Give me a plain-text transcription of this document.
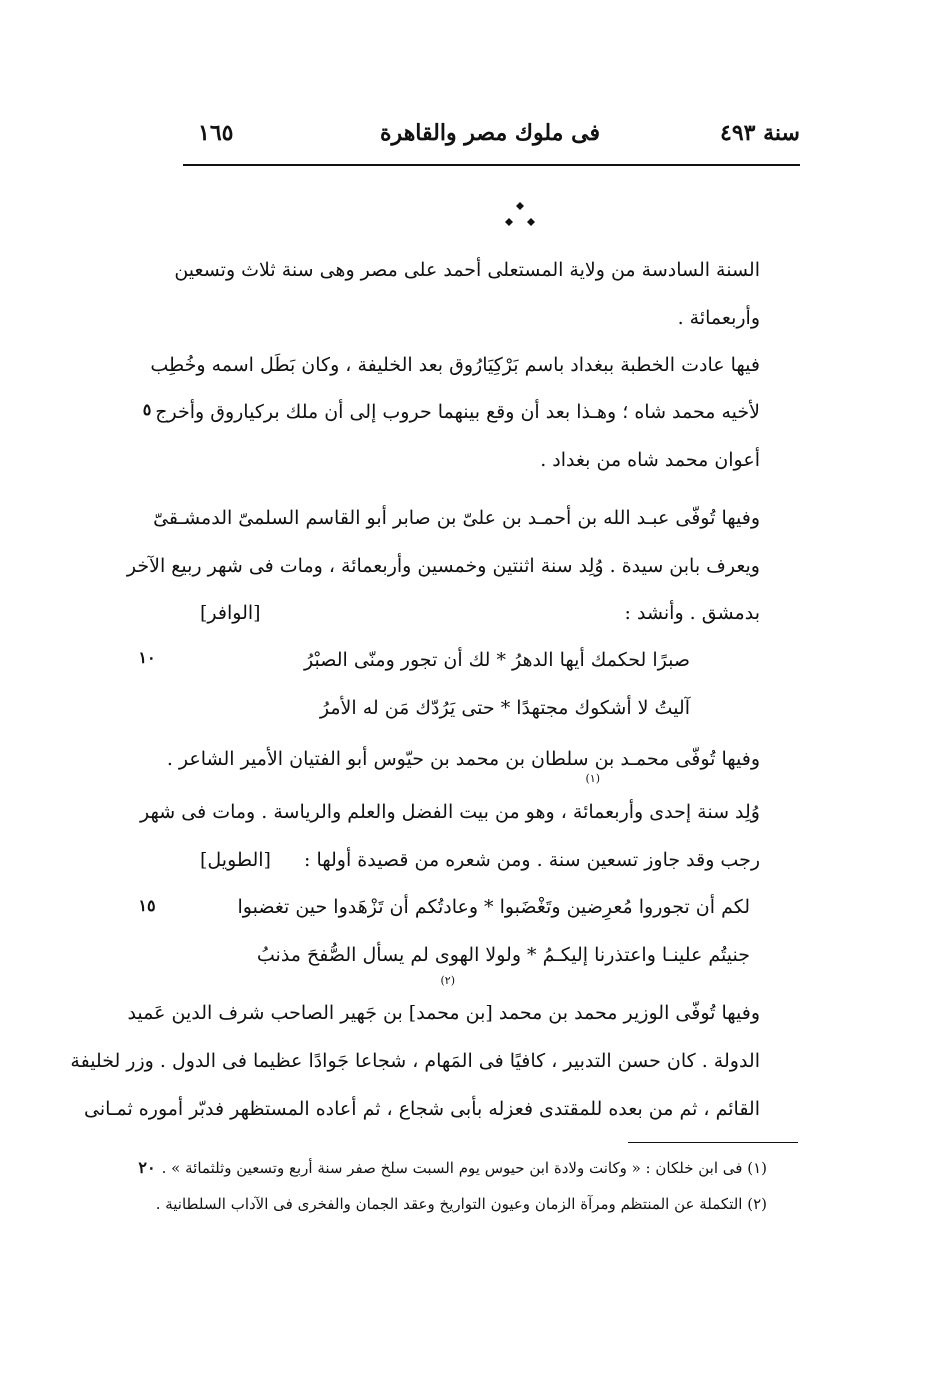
سنة ٤٩٣
فى ملوك مصر والقاهرة
١٦٥
السنة السادسة من ولاية المستعلى أحمد على مصر وهى سنة ثلاث وتسعين
وأربعمائة .
فيها عادت الخطبة ببغداد باسم بَرْكِيَارُوق بعد الخليفة ، وكان بَطَل اسمه وخُطِب
لأخيه محمد شاه ؛ وهـذا بعد أن وقع بينهما حروب إلى أن ملك بركياروق وأخرج
أعوان محمد شاه من بغداد .
وفيها تُوفّى عبـد الله بن أحمـد بن علىّ بن صابر أبو القاسم السلمىّ الدمشـقىّ
ويعرف بابن سيدة . وُلِد سنة اثنتين وخمسين وأربعمائة ، ومات فى شهر ربيع الآخر
بدمشق . وأنشد :
[الوافر]
صبرًا لحكمك أيها الدهرُ * لك أن تجور ومنّى الصبْرُ
آليتُ لا أشكوك مجتهدًا * حتى يَرُدّك مَن له الأمرُ
وفيها تُوفّى محمـد بن سلطان بن محمد بن حيّوس أبو الفتيان الأمير الشاعر .
(١)
وُلِد سنة إحدى وأربعمائة ، وهو من بيت الفضل والعلم والرياسة . ومات فى شهر
رجب وقد جاوز تسعين سنة . ومن شعره من قصيدة أولها :
[الطويل]
لكم أن تجوروا مُعرِضين وتَغْضَبوا * وعادتُكم أن تَزْهَدوا حين تغضبوا
جنيتُم علينـا واعتذرنا إليكـمُ * ولولا الهوى لم يسأل الصُّفحَ مذنبُ
(٢)
وفيها تُوفّى الوزير محمد بن محمد [بن محمد] بن جَهير الصاحب شرف الدين عَميد
الدولة . كان حسن التدبير ، كافيًا فى المَهام ، شجاعا جَوادًا عظيما فى الدول . وزر لخليفة
القائم ، ثم من بعده للمقتدى فعزله بأبى شجاع ، ثم أعاده المستظهر فدبّر أموره ثمـانى
٥
١٠
١٥
٢٠ (١) فى ابن خلكان : « وكانت ولادة ابن حيوس يوم السبت سلخ صفر سنة أربع وتسعين وثلثمائة » .
(٢) التكملة عن المنتظم ومرآة الزمان وعيون التواريخ وعقد الجمان والفخرى فى الآداب السلطانية .
